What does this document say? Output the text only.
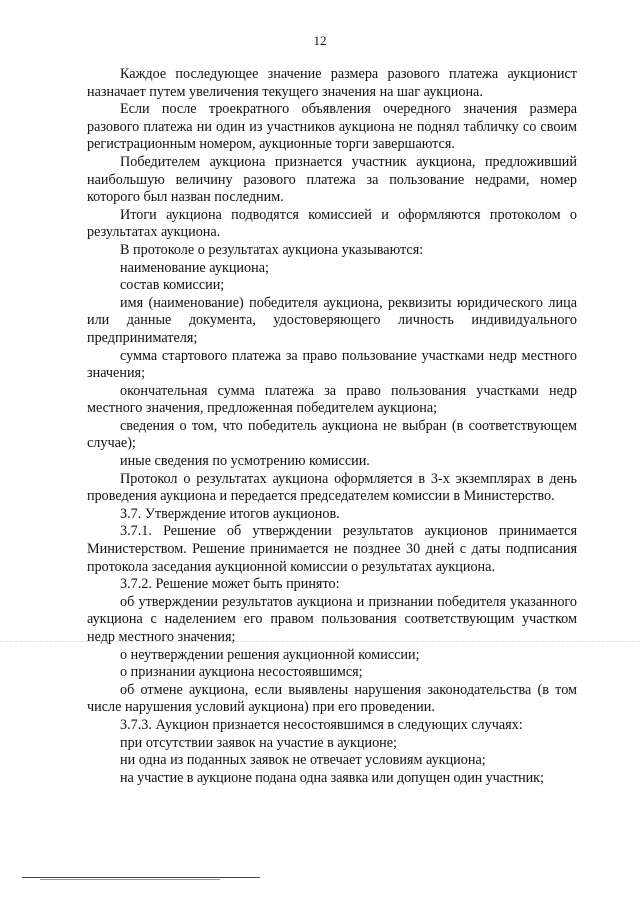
12

Каждое последующее значение размера разового платежа аукционист назначает путем увеличения текущего значения на шаг аукциона.

Если после троекратного объявления очередного значения размера разового платежа ни один из участников аукциона не поднял табличку со своим регистрационным номером, аукционные торги завершаются.

Победителем аукциона признается участник аукциона, предложивший наибольшую величину разового платежа за пользование недрами, номер которого был назван последним.

Итоги аукциона подводятся комиссией и оформляются протоколом о результатах аукциона.

В протоколе о результатах аукциона указываются:

наименование аукциона;

состав комиссии;

имя (наименование) победителя аукциона, реквизиты юридического лица или данные документа, удостоверяющего личность индивидуального предпринимателя;

сумма стартового платежа за право пользование участками недр местного значения;

окончательная сумма платежа за право пользования участками недр местного значения, предложенная победителем аукциона;

сведения о том, что победитель аукциона не выбран (в соответствующем случае);

иные сведения по усмотрению комиссии.

Протокол о результатах аукциона оформляется в 3-х экземплярах в день проведения аукциона и передается председателем комиссии в Министерство.

3.7. Утверждение итогов аукционов.

3.7.1. Решение об утверждении результатов аукционов принимается Министерством. Решение принимается не позднее 30 дней с даты подписания протокола заседания аукционной комиссии о результатах аукциона.

3.7.2. Решение может быть принято:

об утверждении результатов аукциона и признании победителя указанного аукциона с наделением его правом пользования соответствующим участком недр местного значения;

о неутверждении решения аукционной комиссии;

о признании аукциона несостоявшимся;

об отмене аукциона, если выявлены нарушения законодательства (в том числе нарушения условий аукциона) при его проведении.

3.7.3. Аукцион признается несостоявшимся в следующих случаях:

при отсутствии заявок на участие в аукционе;

ни одна из поданных заявок не отвечает условиям аукциона;

на участие в аукционе подана одна заявка или допущен один участник;
